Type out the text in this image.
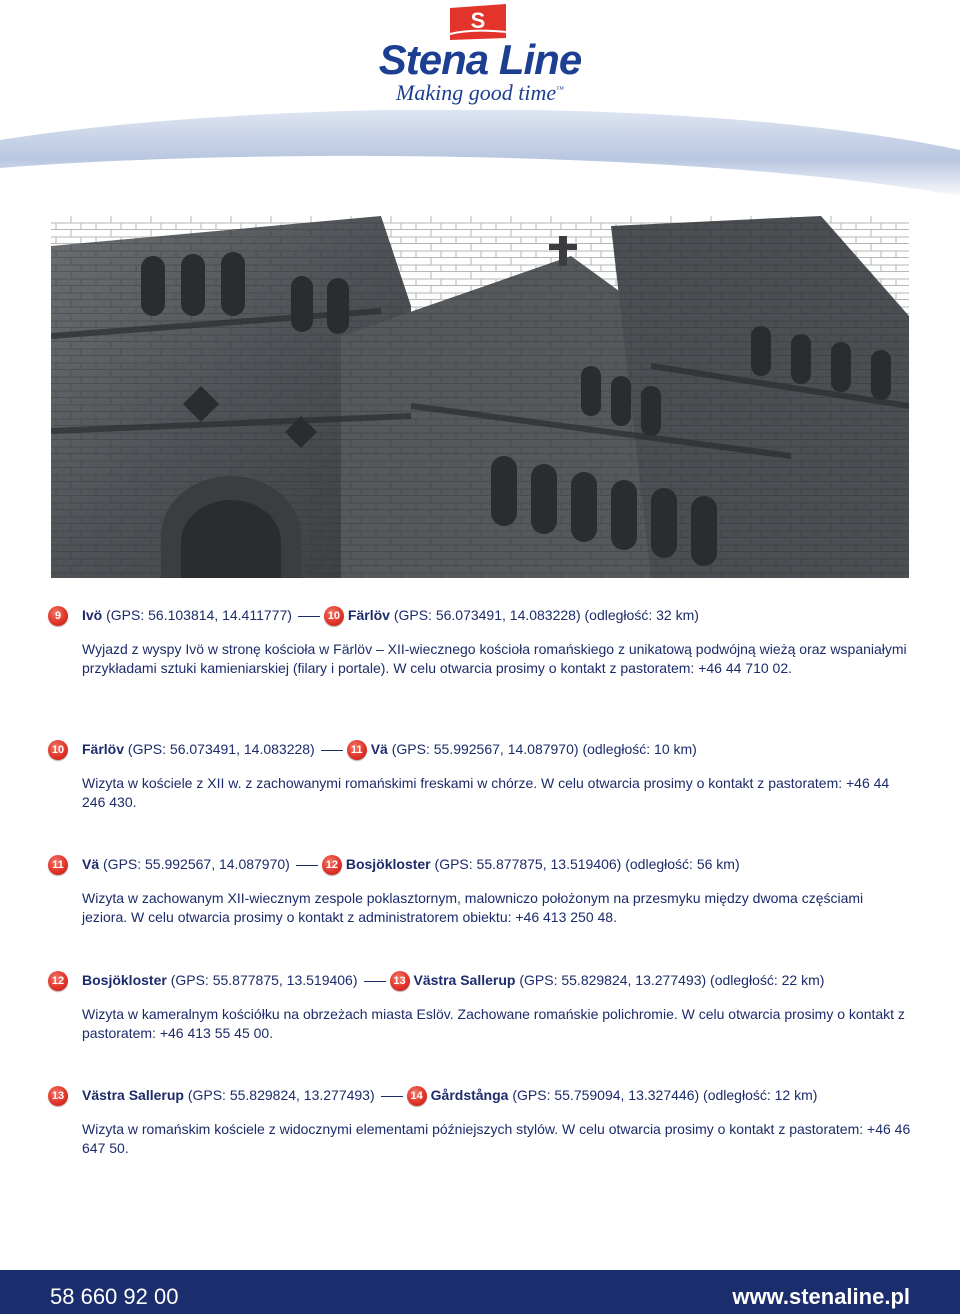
S
Stena Line
Making good time™
9 Ivö (GPS: 56.103814, 14.411777)	10 Färlöv (GPS: 56.073491, 14.083228) (odległość: 32 km)
Wyjazd z wyspy Ivö w stronę kościoła w Färlöv – XII-wiecznego kościoła romańskiego z unikatową podwójną wieżą oraz wspaniałymi przykładami sztuki kamieniarskiej (filary i portale). W celu otwarcia prosimy o kontakt z pastoratem: +46 44 710 02.
10 Färlöv (GPS: 56.073491, 14.083228)	11 Vä (GPS: 55.992567, 14.087970) (odległość: 10 km)
Wizyta w kościele z XII w. z zachowanymi romańskimi freskami w chórze. W celu otwarcia prosimy o kontakt z pastoratem: +46 44 246 430.
11 Vä (GPS: 55.992567, 14.087970)	12 Bosjökloster (GPS: 55.877875, 13.519406) (odległość: 56 km)
Wizyta w zachowanym XII-wiecznym zespole poklasztornym, malowniczo położonym na przesmyku między dwoma częściami jeziora. W celu otwarcia prosimy o kontakt z administratorem obiektu: +46 413 250 48.
12 Bosjökloster (GPS: 55.877875, 13.519406)	13 Västra Sallerup (GPS: 55.829824, 13.277493) (odległość: 22 km)
Wizyta w kameralnym kościółku na obrzeżach miasta Eslöv. Zachowane romańskie polichromie. W celu otwarcia prosimy o kontakt z pastoratem: +46 413 55 45 00.
13 Västra Sallerup (GPS: 55.829824, 13.277493)	14 Gårdstånga (GPS: 55.759094, 13.327446) (odległość: 12 km)
Wizyta w romańskim kościele z widocznymi elementami późniejszych stylów. W celu otwarcia prosimy o kontakt z pastoratem: +46 46 647 50.
58 660 92 00	www.stenaline.pl
